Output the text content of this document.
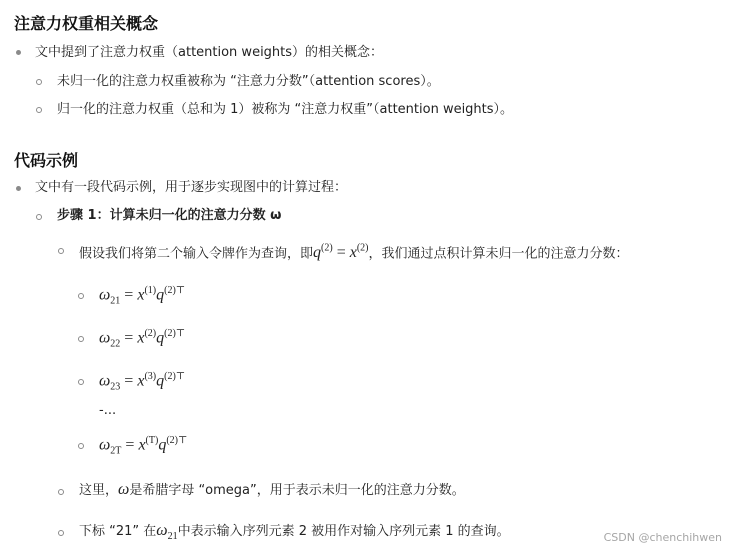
注意力权重相关概念
文中提到了注意力权重（attention weights）的相关概念：
未归一化的注意力权重被称为 “注意力分数”（attention scores）。
归一化的注意力权重（总和为 1）被称为 “注意力权重”（attention weights）。
代码示例
文中有一段代码示例，用于逐步实现图中的计算过程：
步骤 1：计算未归一化的注意力分数 ω
假设我们将第二个输入令牌作为查询，即$q^{(2)} = x^{(2)}$，我们通过点积计算未归一化的注意力分数：
$\omega_{21} = x^{(1)}q^{(2)⊤}$
$\omega_{22} = x^{(2)}q^{(2)⊤}$
$\omega_{23} = x^{(3)}q^{(2)⊤}$
-...
$\omega_{2T} = x^{(T)}q^{(2)⊤}$
这里，ω是希腊字母 “omega”，用于表示未归一化的注意力分数。
下标 “21” 在$\omega_{21}$中表示输入序列元素 2 被用作对输入序列元素 1 的查询。	CSDN @chenchihwen
